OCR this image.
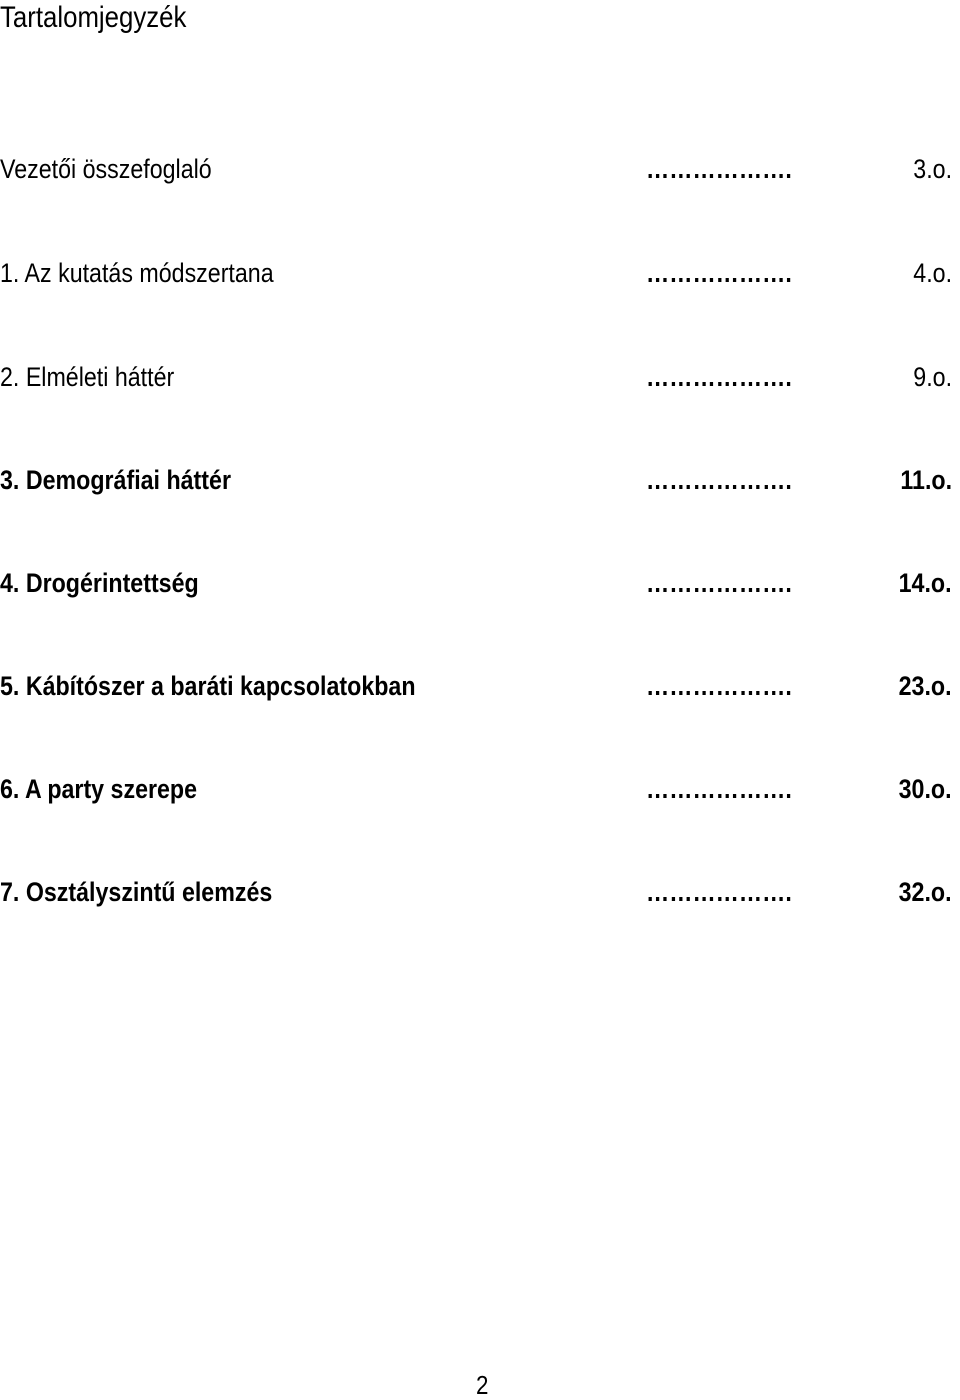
Tartalomjegyzék
Vezetői összefoglaló	……………….	3.o.
1. Az kutatás módszertana	……………….	4.o.
2. Elméleti háttér	……………….	9.o.
3. Demográfiai háttér	……………….	11.o.
4. Drogérintettség	……………….	14.o.
5. Kábítószer a baráti kapcsolatokban	……………….	23.o.
6. A party szerepe	……………….	30.o.
7. Osztályszintű elemzés	……………….	32.o.
2
